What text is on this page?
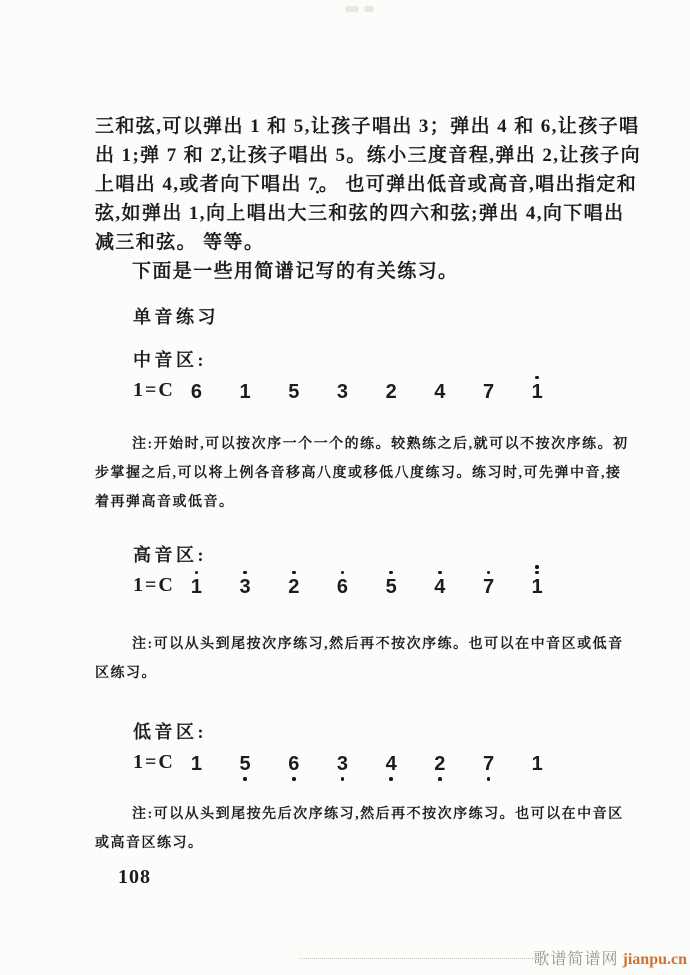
三和弦,可以弹出 1 和 5,让孩子唱出 3；弹出 4 和 6,让孩子唱
出 1;弹 7 和 2̇,让孩子唱出 5。练小三度音程,弹出 2,让孩子向
上唱出 4,或者向下唱出 7̣。 也可弹出低音或高音,唱出指定和
弦,如弹出 1,向上唱出大三和弦的四六和弦;弹出 4,向下唱出
减三和弦。 等等。
下面是一些用简谱记写的有关练习。
单音练习
中音区:
1=C 6 1 5 3 2 4 7 1
注:开始时,可以按次序一个一个的练。较熟练之后,就可以不按次序练。初
步掌握之后,可以将上例各音移高八度或移低八度练习。练习时,可先弹中音,接
着再弹高音或低音。
高音区:
1=C 1 3 2 6 5 4 7 1
注:可以从头到尾按次序练习,然后再不按次序练。也可以在中音区或低音
区练习。
低音区:
1=C 1 5 6 3 4 2 7 1
注:可以从头到尾按先后次序练习,然后再不按次序练习。也可以在中音区
或高音区练习。
108
歌谱简谱网 jianpu.cn
